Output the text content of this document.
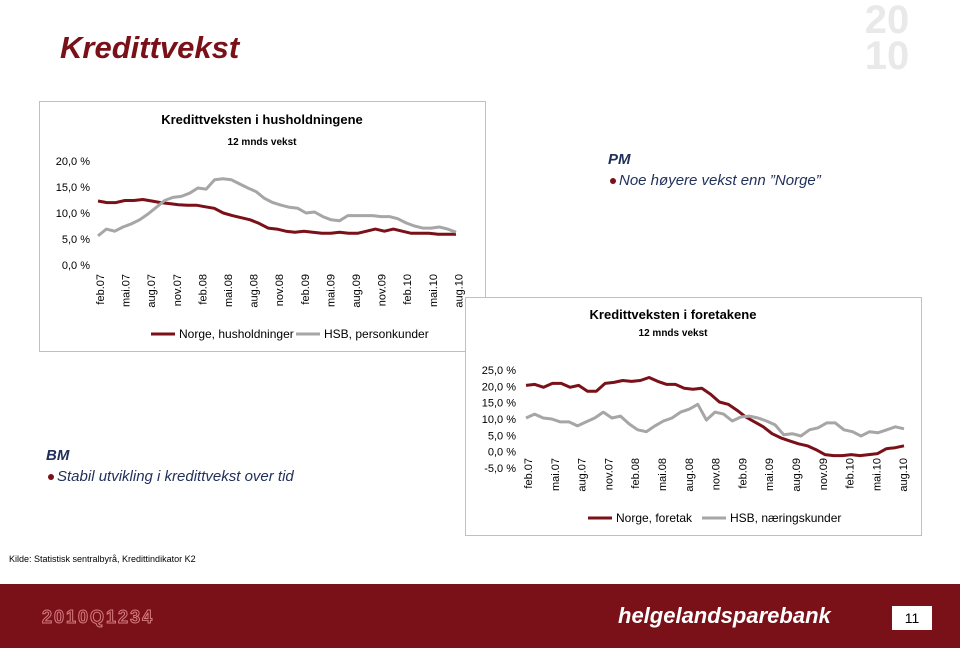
Kredittvekst
20 10
Kredittveksten i husholdningene
12 mnds vekst
0,0 %
5,0 %
10,0 %
15,0 %
20,0 %
feb.07 mai.07 aug.07 nov.07 feb.08 mai.08 aug.08 nov.08 feb.09 mai.09 aug.09 nov.09 feb.10 mai.10 aug.10
Norge, husholdninger	HSB, personkunder
PM
Noe høyere vekst enn ”Norge”
Kredittveksten i foretakene
12 mnds vekst
-5,0 %
0,0 %
5,0 %
10,0 %
15,0 %
20,0 %
25,0 %
feb.07 mai.07 aug.07 nov.07 feb.08 mai.08 aug.08 nov.08 feb.09 mai.09 aug.09 nov.09 feb.10 mai.10 aug.10
Norge, foretak	HSB, næringskunder
BM
Stabil utvikling i kredittvekst over tid
Kilde: Statistisk sentralbyrå, Kredittindikator K2
2010Q1234	helgelandsparebank	11
